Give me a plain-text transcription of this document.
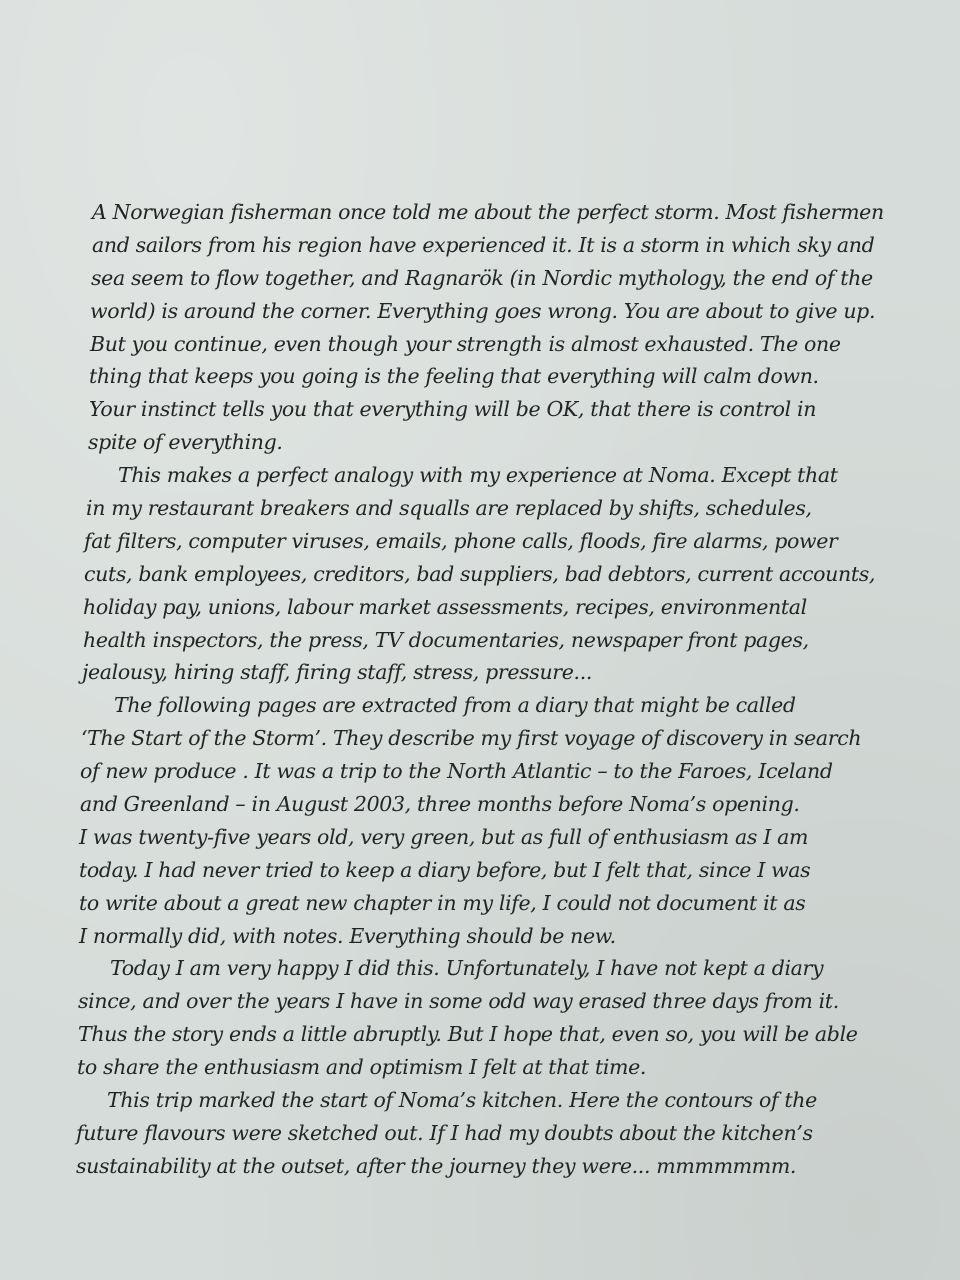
A Norwegian fisherman once told me about the perfect storm. Most fishermen
and sailors from his region have experienced it. It is a storm in which sky and
sea seem to flow together, and Ragnarök (in Nordic mythology, the end of the
world) is around the corner. Everything goes wrong. You are about to give up.
But you continue, even though your strength is almost exhausted. The one
thing that keeps you going is the feeling that everything will calm down.
Your instinct tells you that everything will be OK, that there is control in
spite of everything.
This makes a perfect analogy with my experience at Noma. Except that
in my restaurant breakers and squalls are replaced by shifts, schedules,
fat filters, computer viruses, emails, phone calls, floods, fire alarms, power
cuts, bank employees, creditors, bad suppliers, bad debtors, current accounts,
holiday pay, unions, labour market assessments, recipes, environmental
health inspectors, the press, TV documentaries, newspaper front pages,
jealousy, hiring staff, firing staff, stress, pressure...
The following pages are extracted from a diary that might be called
‘The Start of the Storm’. They describe my first voyage of discovery in search
of new produce . It was a trip to the North Atlantic – to the Faroes, Iceland
and Greenland – in August 2003, three months before Noma’s opening.
I was twenty-five years old, very green, but as full of enthusiasm as I am
today. I had never tried to keep a diary before, but I felt that, since I was
to write about a great new chapter in my life, I could not document it as
I normally did, with notes. Everything should be new.
Today I am very happy I did this. Unfortunately, I have not kept a diary
since, and over the years I have in some odd way erased three days from it.
Thus the story ends a little abruptly. But I hope that, even so, you will be able
to share the enthusiasm and optimism I felt at that time.
This trip marked the start of Noma’s kitchen. Here the contours of the
future flavours were sketched out. If I had my doubts about the kitchen’s
sustainability at the outset, after the journey they were... mmmmmmm.
